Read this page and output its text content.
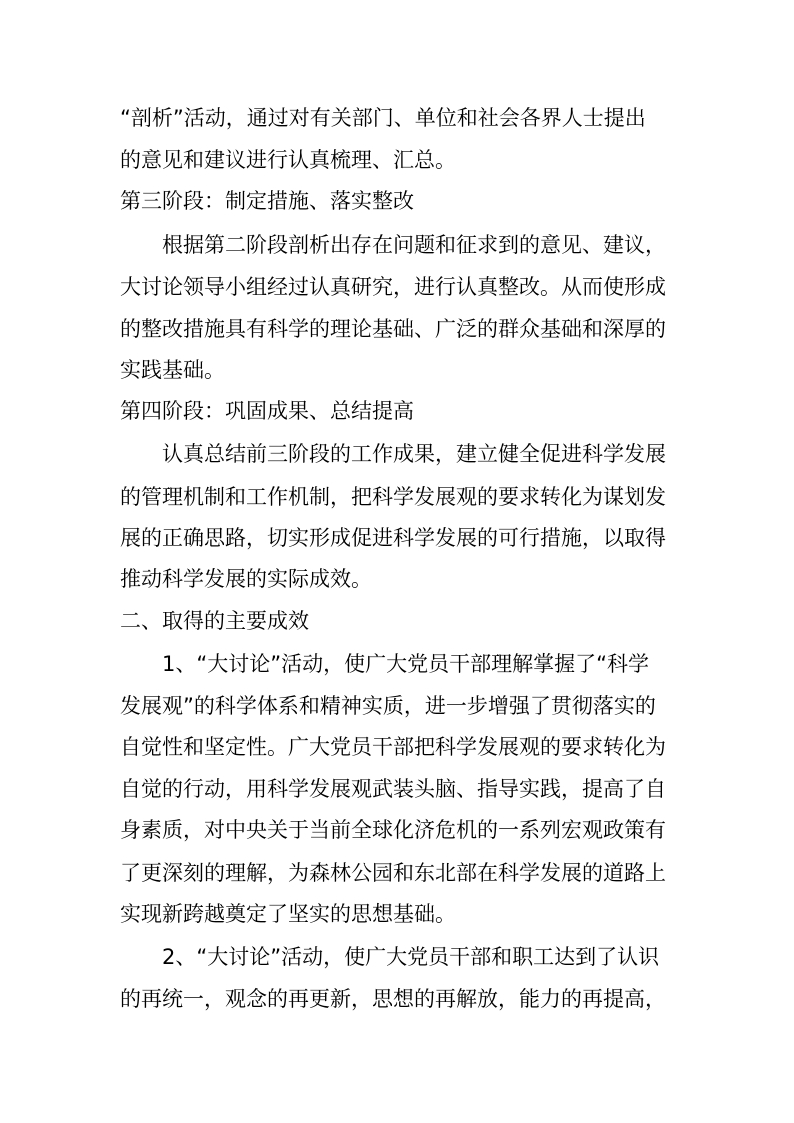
“剖析”活动，通过对有关部门、单位和社会各界人士提出
的意见和建议进行认真梳理、汇总。
第三阶段：制定措施、落实整改
根据第二阶段剖析出存在问题和征求到的意见、建议，
大讨论领导小组经过认真研究，进行认真整改。从而使形成
的整改措施具有科学的理论基础、广泛的群众基础和深厚的
实践基础。
第四阶段：巩固成果、总结提高
认真总结前三阶段的工作成果，建立健全促进科学发展
的管理机制和工作机制，把科学发展观的要求转化为谋划发
展的正确思路，切实形成促进科学发展的可行措施，以取得
推动科学发展的实际成效。
二、取得的主要成效
1、“大讨论”活动，使广大党员干部理解掌握了“科学
发展观”的科学体系和精神实质，进一步增强了贯彻落实的
自觉性和坚定性。广大党员干部把科学发展观的要求转化为
自觉的行动，用科学发展观武装头脑、指导实践，提高了自
身素质，对中央关于当前全球化济危机的一系列宏观政策有
了更深刻的理解，为森林公园和东北部在科学发展的道路上
实现新跨越奠定了坚实的思想基础。
2、“大讨论”活动，使广大党员干部和职工达到了认识
的再统一，观念的再更新，思想的再解放，能力的再提高，
